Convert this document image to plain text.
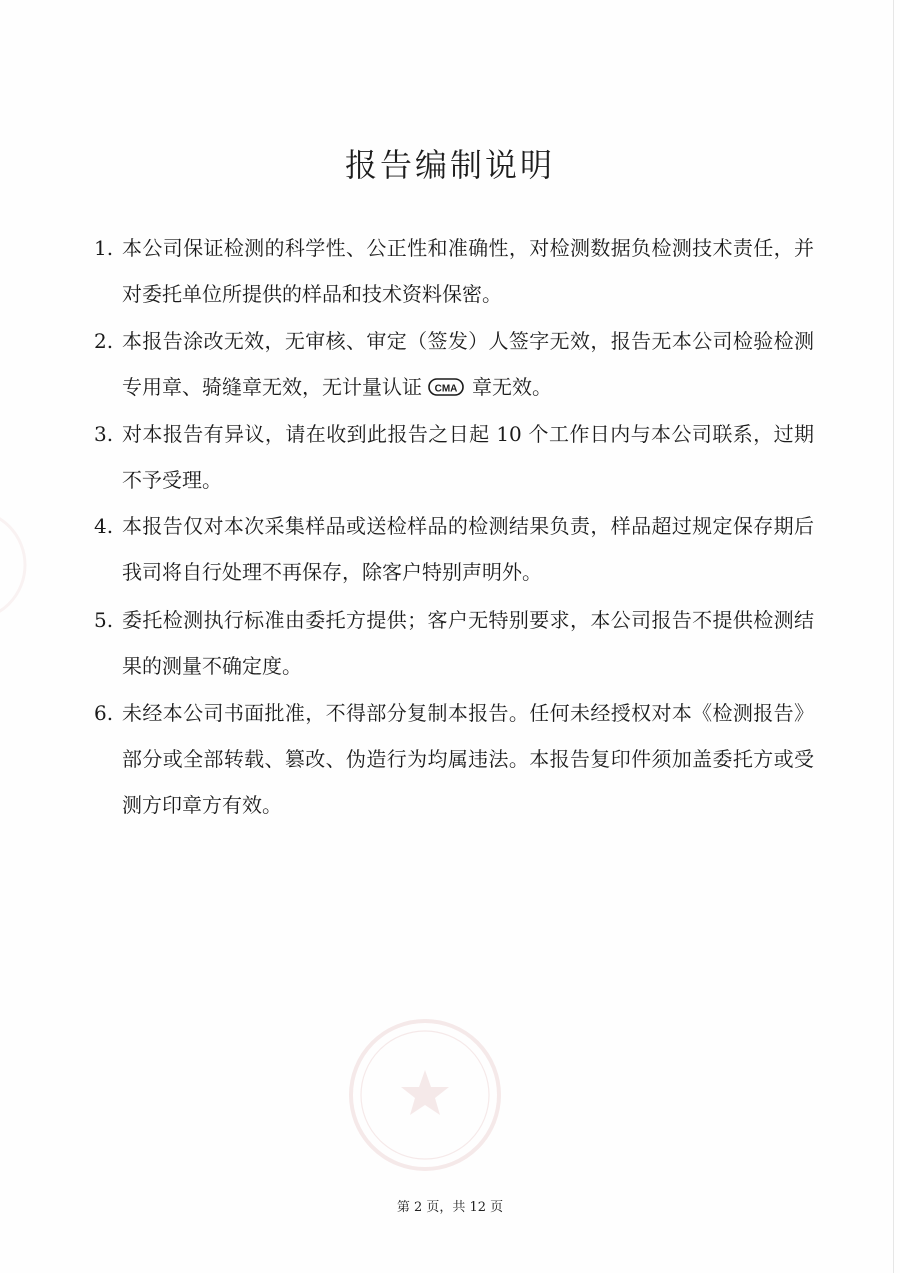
报告编制说明
1. 本公司保证检测的科学性、公正性和准确性，对检测数据负检测技术责任，并对委托单位所提供的样品和技术资料保密。
2. 本报告涂改无效，无审核、审定（签发）人签字无效，报告无本公司检验检测专用章、骑缝章无效，无计量认证 CMA 章无效。
3. 对本报告有异议，请在收到此报告之日起 10 个工作日内与本公司联系，过期不予受理。
4. 本报告仅对本次采集样品或送检样品的检测结果负责，样品超过规定保存期后我司将自行处理不再保存，除客户特别声明外。
5. 委托检测执行标准由委托方提供；客户无特别要求，本公司报告不提供检测结果的测量不确定度。
6. 未经本公司书面批准，不得部分复制本报告。任何未经授权对本《检测报告》部分或全部转载、篡改、伪造行为均属违法。本报告复印件须加盖委托方或受测方印章方有效。
第 2 页，共 12 页
